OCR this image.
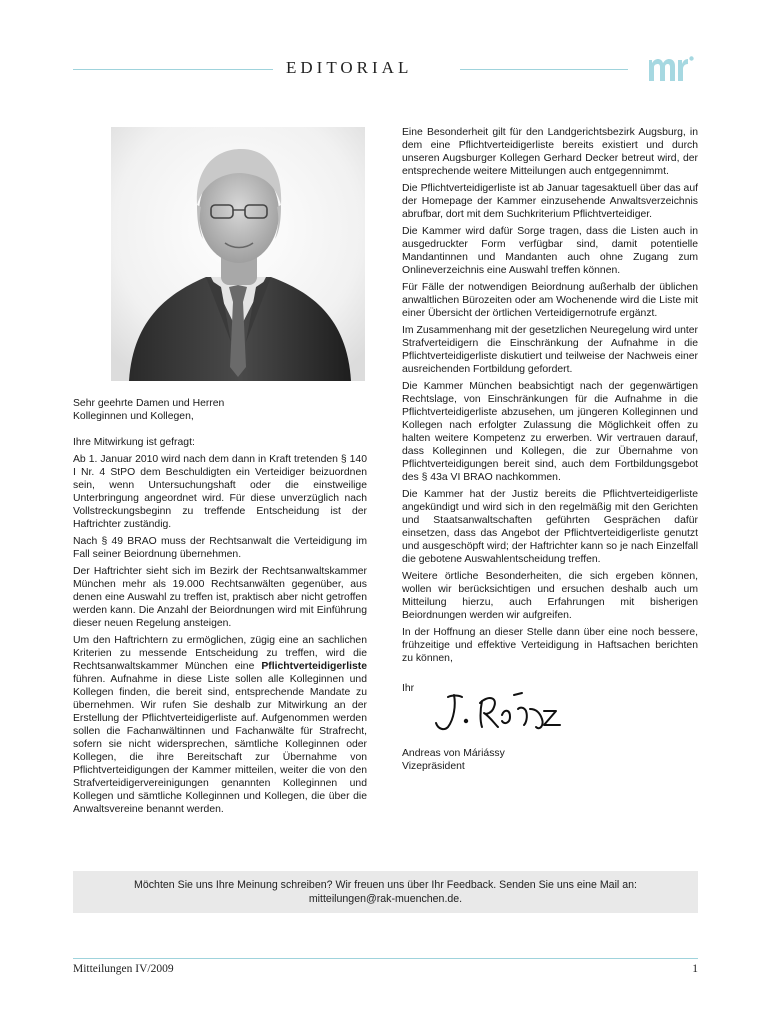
EDITORIAL

Sehr geehrte Damen und Herren

Kolleginnen und Kollegen,

Ihre Mitwirkung ist gefragt:

Ab 1. Januar 2010 wird nach dem dann in Kraft tretenden § 140 I Nr. 4 StPO dem Beschuldigten ein Verteidiger beizuordnen sein, wenn Untersuchungshaft oder die einstweilige Unterbringung angeordnet wird. Für diese unverzüglich nach Vollstreckungsbeginn zu treffende Entscheidung ist der Haftrichter zuständig.

Nach § 49 BRAO muss der Rechtsanwalt die Verteidigung im Fall seiner Beiordnung übernehmen.

Der Haftrichter sieht sich im Bezirk der Rechtsanwaltskammer München mehr als 19.000 Rechtsanwälten gegenüber, aus denen eine Auswahl zu treffen ist, praktisch aber nicht getroffen werden kann. Die Anzahl der Beiordnungen wird mit Einführung dieser neuen Regelung ansteigen.

Um den Haftrichtern zu ermöglichen, zügig eine an sachlichen Kriterien zu messende Entscheidung zu treffen, wird die Rechtsanwaltskammer München eine Pflichtverteidigerliste führen. Aufnahme in diese Liste sollen alle Kolleginnen und Kollegen finden, die bereit sind, entsprechende Mandate zu übernehmen. Wir rufen Sie deshalb zur Mitwirkung an der Erstellung der Pflichtverteidigerliste auf. Aufgenommen werden sollen die Fachanwältinnen und Fachanwälte für Strafrecht, sofern sie nicht widersprechen, sämtliche Kolleginnen oder Kollegen, die ihre Bereitschaft zur Übernahme von Pflichtverteidigungen der Kammer mitteilen, weiter die von den Strafverteidigervereinigungen genannten Kolleginnen und Kollegen und sämtliche Kolleginnen und Kollegen, die über die Anwaltsvereine benannt werden.

Eine Besonderheit gilt für den Landgerichtsbezirk Augsburg, in dem eine Pflichtverteidigerliste bereits existiert und durch unseren Augsburger Kollegen Gerhard Decker betreut wird, der entsprechende weitere Mitteilungen auch entgegennimmt.

Die Pflichtverteidigerliste ist ab Januar tagesaktuell über das auf der Homepage der Kammer einzusehende Anwaltsverzeichnis abrufbar, dort mit dem Suchkriterium Pflichtverteidiger.

Die Kammer wird dafür Sorge tragen, dass die Listen auch in ausgedruckter Form verfügbar sind, damit potentielle Mandantinnen und Mandanten auch ohne Zugang zum Onlineverzeichnis eine Auswahl treffen können.

Für Fälle der notwendigen Beiordnung außerhalb der üblichen anwaltlichen Bürozeiten oder am Wochenende wird die Liste mit einer Übersicht der örtlichen Verteidigernotrufe ergänzt.

Im Zusammenhang mit der gesetzlichen Neuregelung wird unter Strafverteidigern die Einschränkung der Aufnahme in die Pflichtverteidigerliste diskutiert und teilweise der Nachweis einer ausreichenden Fortbildung gefordert.

Die Kammer München beabsichtigt nach der gegenwärtigen Rechtslage, von Einschränkungen für die Aufnahme in die Pflichtverteidigerliste abzusehen, um jüngeren Kolleginnen und Kollegen nach erfolgter Zulassung die Möglichkeit offen zu halten weitere Kompetenz zu erwerben. Wir vertrauen darauf, dass Kolleginnen und Kollegen, die zur Übernahme von Pflichtverteidigungen bereit sind, auch dem Fortbildungsgebot des § 43a VI BRAO nachkommen.

Die Kammer hat der Justiz bereits die Pflichtverteidigerliste angekündigt und wird sich in den regelmäßig mit den Gerichten und Staatsanwaltschaften geführten Gesprächen dafür einsetzen, dass das Angebot der Pflichtverteidigerliste genutzt und ausgeschöpft wird; der Haftrichter kann so je nach Einzelfall die gebotene Auswahlentscheidung treffen.

Weitere örtliche Besonderheiten, die sich ergeben können, wollen wir berücksichtigen und ersuchen deshalb auch um Mitteilung hierzu, auch Erfahrungen mit bisherigen Beiordnungen werden wir aufgreifen.

In der Hoffnung an dieser Stelle dann über eine noch bessere, frühzeitige und effektive Verteidigung in Haftsachen berichten zu können,

Ihr

Andreas von Máriássy

Vizepräsident

Möchten Sie uns Ihre Meinung schreiben? Wir freuen uns über Ihr Feedback. Senden Sie uns eine Mail an:
mitteilungen@rak-muenchen.de.
Mitteilungen IV/2009	1
